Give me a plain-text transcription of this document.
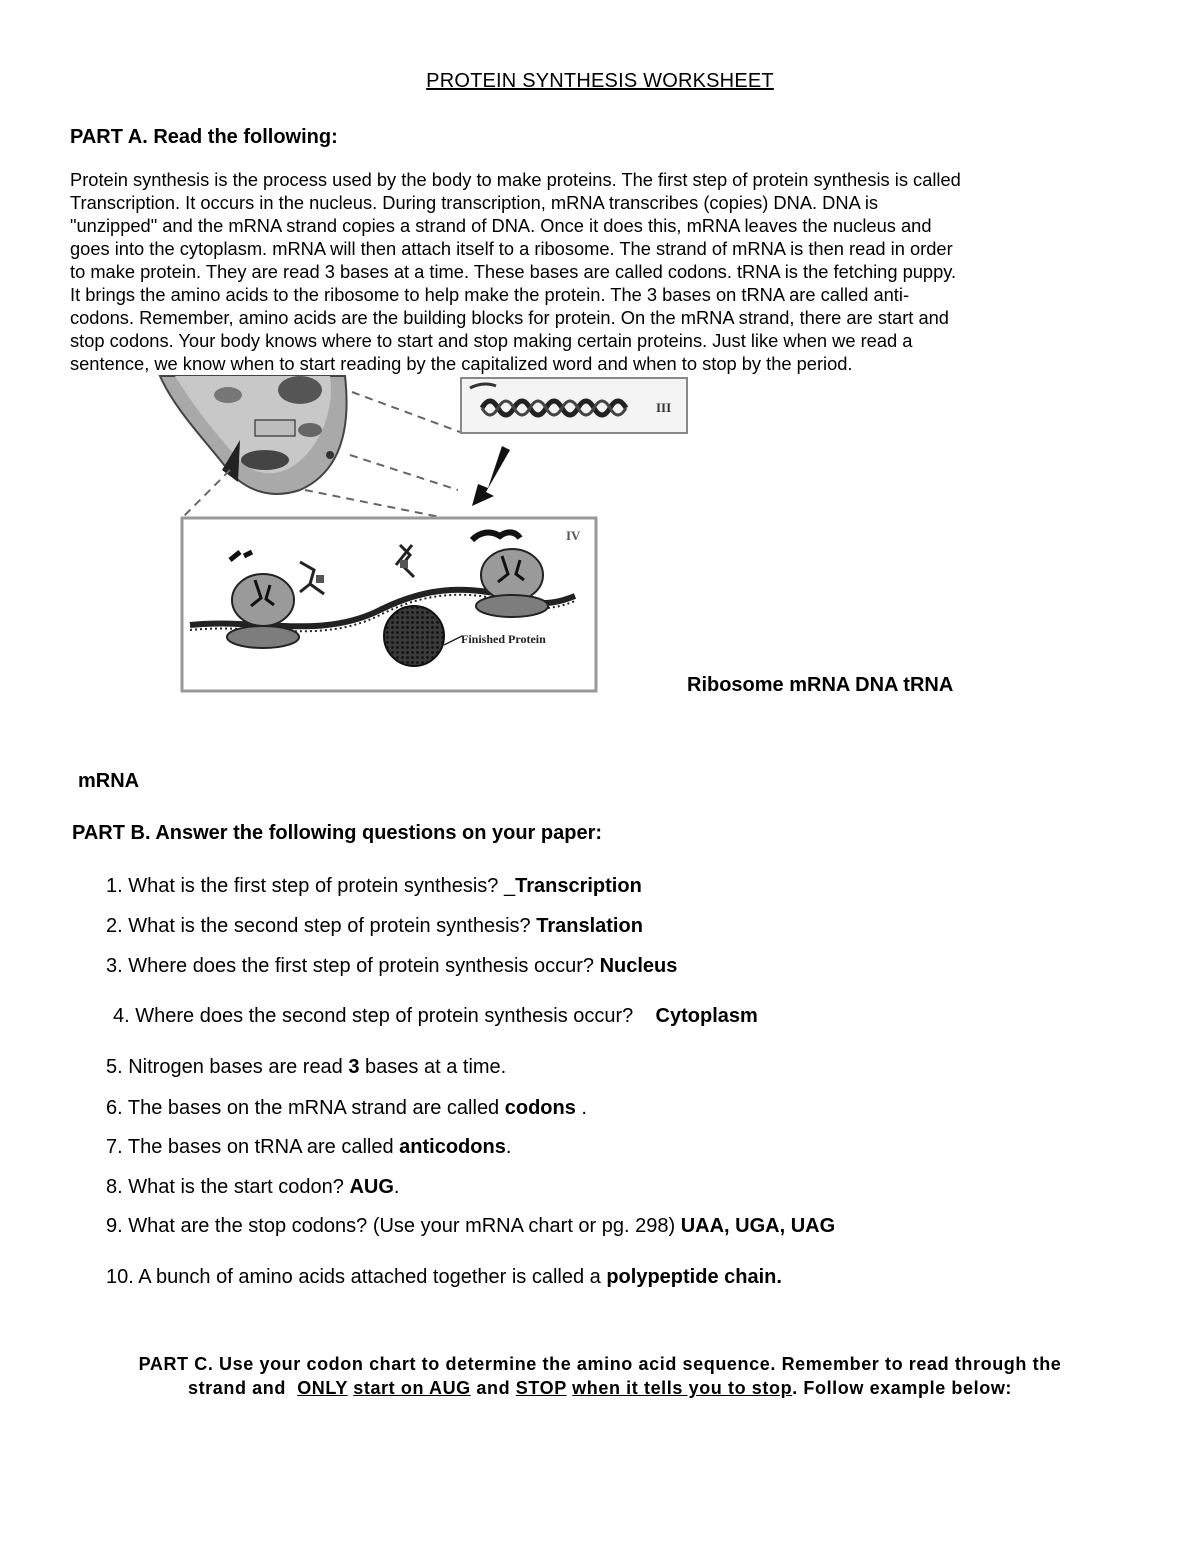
PROTEIN SYNTHESIS WORKSHEET
PART A. Read the following:
Protein synthesis is the process used by the body to make proteins. The first step of protein synthesis is called
Transcription. It occurs in the nucleus. During transcription, mRNA transcribes (copies) DNA. DNA is
"unzipped" and the mRNA strand copies a strand of DNA. Once it does this, mRNA leaves the nucleus and
goes into the cytoplasm. mRNA will then attach itself to a ribosome. The strand of mRNA is then read in order
to make protein. They are read 3 bases at a time. These bases are called codons. tRNA is the fetching puppy.
It brings the amino acids to the ribosome to help make the protein. The 3 bases on tRNA are called anti-
codons. Remember, amino acids are the building blocks for protein. On the mRNA strand, there are start and
stop codons. Your body knows where to start and stop making certain proteins. Just like when we read a
sentence, we know when to start reading by the capitalized word and when to stop by the period.
III
IV
Finished Protein
Ribosome mRNA DNA tRNA
mRNA
PART B. Answer the following questions on your paper:
1. What is the first step of protein synthesis? _Transcription
2. What is the second step of protein synthesis? Translation
3. Where does the first step of protein synthesis occur? Nucleus
4. Where does the second step of protein synthesis occur?    Cytoplasm
5. Nitrogen bases are read 3 bases at a time.
6. The bases on the mRNA strand are called codons .
7. The bases on tRNA are called anticodons.
8. What is the start codon? AUG.
9. What are the stop codons? (Use your mRNA chart or pg. 298) UAA, UGA, UAG
10. A bunch of amino acids attached together is called a polypeptide chain.
PART C. Use your codon chart to determine the amino acid sequence. Remember to read through the
strand and  ONLY start on AUG and STOP when it tells you to stop. Follow example below:
